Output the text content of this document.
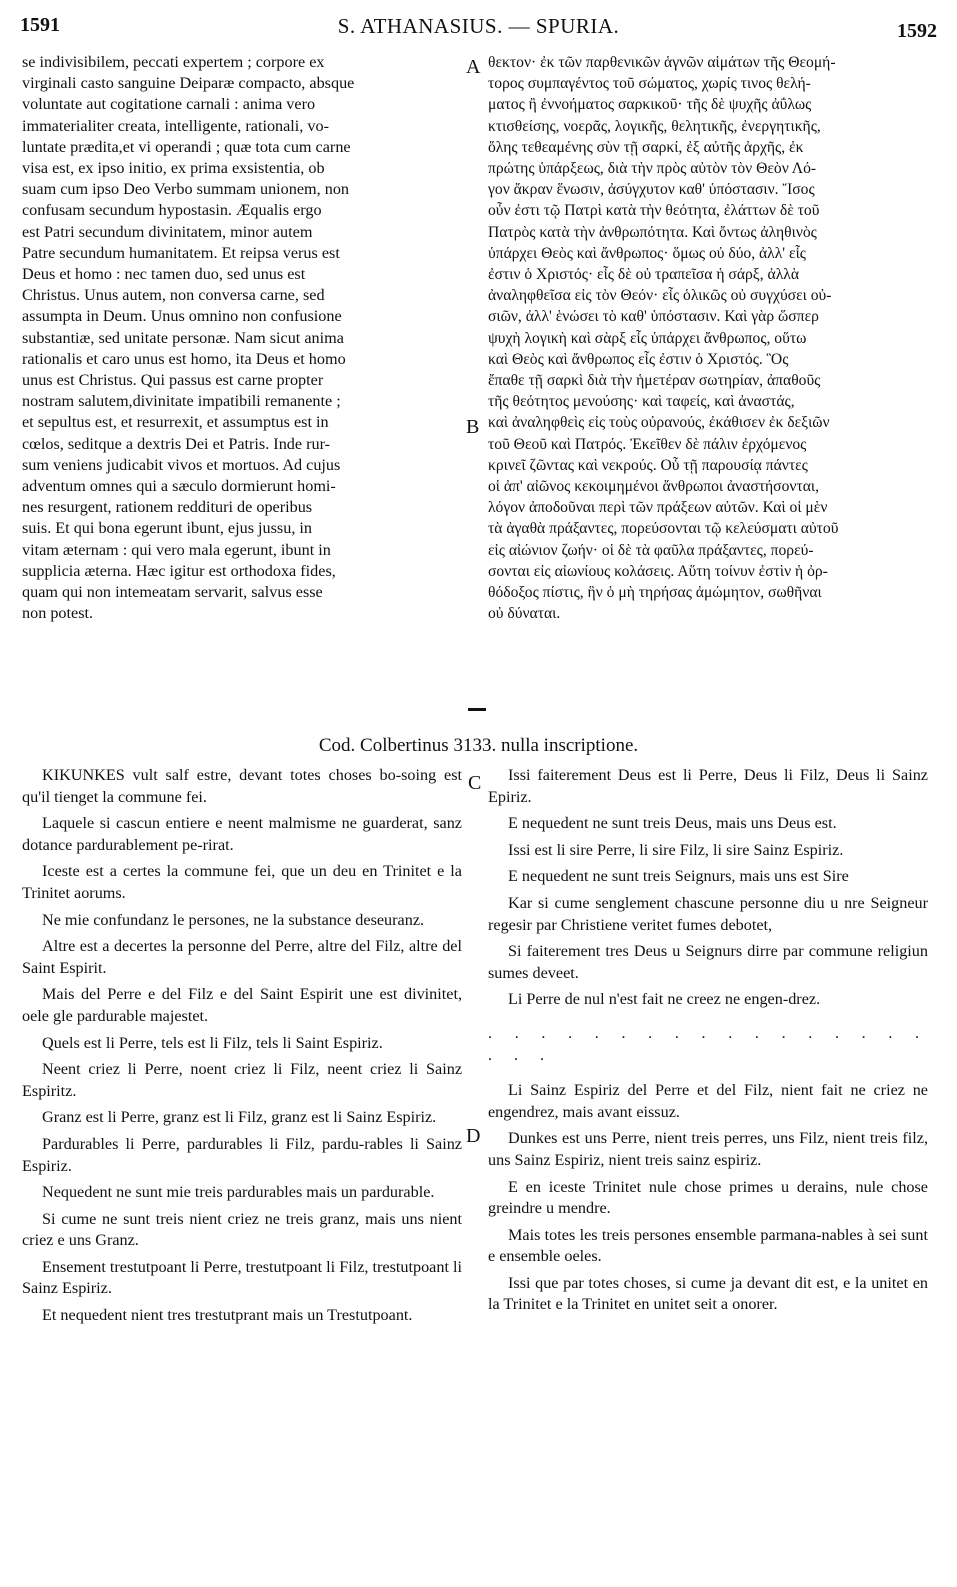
1591	S. ATHANASIUS. — SPURIA.	1592
A
B
C
D
se indivisibilem, peccati expertem ; corpore ex
virginali casto sanguine Deiparæ compacto, absque
voluntate aut cogitatione carnali : anima vero
immaterialiter creata, intelligente, rationali, vo-
luntate prædita,et vi operandi ; quæ tota cum carne
visa est, ex ipso initio, ex prima exsistentia, ob
suam cum ipso Deo Verbo summam unionem, non
confusam secundum hypostasin. Æqualis ergo
est Patri secundum divinitatem, minor autem
Patre secundum humanitatem. Et reipsa verus est
Deus et homo : nec tamen duo, sed unus est
Christus. Unus autem, non conversa carne, sed
assumpta in Deum. Unus omnino non confusione
substantiæ, sed unitate personæ. Nam sicut anima
rationalis et caro unus est homo, ita Deus et homo
unus est Christus. Qui passus est carne propter
nostram salutem,divinitate impatibili remanente ;
et sepultus est, et resurrexit, et assumptus est in
cœlos, seditque a dextris Dei et Patris. Inde rur-
sum veniens judicabit vivos et mortuos. Ad cujus
adventum omnes qui a sæculo dormierunt homi-
nes resurgent, rationem reddituri de operibus
suis. Et qui bona egerunt ibunt, ejus jussu, in
vitam æternam : qui vero mala egerunt, ibunt in
supplicia æterna. Hæc igitur est orthodoxa fides,
quam qui non intemeatam servarit, salvus esse
non potest.
θεκτον· ἐκ τῶν παρθενικῶν ἁγνῶν αἱμάτων τῆς Θεομή-
τορος συμπαγέντος τοῦ σώματος, χωρίς τινος θελή-
ματος ἢ ἐννοήματος σαρκικοῦ· τῆς δὲ ψυχῆς ἀΰλως
κτισθείσης, νοερᾶς, λογικῆς, θελητικῆς, ἐνεργητικῆς,
ὅλης τεθεαμένης σὺν τῇ σαρκί, ἐξ αὐτῆς ἀρχῆς, ἐκ
πρώτης ὑπάρξεως, διὰ τὴν πρὸς αὐτὸν τὸν Θεὸν Λό-
γον ἄκραν ἕνωσιν, ἀσύγχυτον καθ' ὑπόστασιν. Ἴσος
οὖν ἐστι τῷ Πατρὶ κατὰ τὴν θεότητα, ἐλάττων δὲ τοῦ
Πατρὸς κατὰ τὴν ἀνθρωπότητα. Καὶ ὄντως ἀληθινὸς
ὑπάρχει Θεὸς καὶ ἄνθρωπος· ὅμως οὐ δύο, ἀλλ' εἷς
ἐστιν ὁ Χριστός· εἷς δὲ οὐ τραπεῖσα ἡ σάρξ, ἀλλὰ
ἀναληφθεῖσα εἰς τὸν Θεόν· εἷς ὁλικῶς οὐ συγχύσει οὐ-
σιῶν, ἀλλ' ἑνώσει τὸ καθ' ὑπόστασιν. Καὶ γὰρ ὥσπερ
ψυχὴ λογικὴ καὶ σὰρξ εἷς ὑπάρχει ἄνθρωπος, οὕτω
καὶ Θεὸς καὶ ἄνθρωπος εἷς ἐστιν ὁ Χριστός. Ὃς
ἔπαθε τῇ σαρκὶ διὰ τὴν ἡμετέραν σωτηρίαν, ἀπαθοῦς
τῆς θεότητος μενούσης· καὶ ταφείς, καὶ ἀναστάς,
καὶ ἀναληφθεὶς εἰς τοὺς οὐρανούς, ἐκάθισεν ἐκ δεξιῶν
τοῦ Θεοῦ καὶ Πατρός. Ἐκεῖθεν δὲ πάλιν ἐρχόμενος
κρινεῖ ζῶντας καὶ νεκρούς. Οὗ τῇ παρουσίᾳ πάντες
οἱ ἀπ' αἰῶνος κεκοιμημένοι ἄνθρωποι ἀναστήσονται,
λόγον ἀποδοῦναι περὶ τῶν πράξεων αὐτῶν. Καὶ οἱ μὲν
τὰ ἀγαθὰ πράξαντες, πορεύσονται τῷ κελεύσματι αὐτοῦ
εἰς αἰώνιον ζωήν· οἱ δὲ τὰ φαῦλα πράξαντες, πορεύ-
σονται εἰς αἰωνίους κολάσεις. Αὕτη τοίνυν ἐστὶν ἡ ὀρ-
θόδοξος πίστις, ἣν ὁ μὴ τηρήσας ἀμώμητον, σωθῆναι
οὐ δύναται.
Cod. Colbertinus 3133. nulla inscriptione.

KIKUNKES vult salf estre, devant totes choses bo-soing est qu'il tienget la commune fei.

Laquele si cascun entiere e neent malmisme ne guarderat, sanz dotance pardurablement pe-rirat.

Iceste est a certes la commune fei, que un deu en Trinitet e la Trinitet aorums.

Ne mie confundanz le persones, ne la substance deseuranz.

Altre est a decertes la personne del Perre, altre del Filz, altre del Saint Espirit.

Mais del Perre e del Filz e del Saint Espirit une est divinitet, oele gle pardurable majestet.

Quels est li Perre, tels est li Filz, tels li Saint Espiriz.

Neent criez li Perre, noent criez li Filz, neent criez li Sainz Espiritz.

Granz est li Perre, granz est li Filz, granz est li Sainz Espiriz.

Pardurables li Perre, pardurables li Filz, pardu-rables li Sainz Espiriz.

Nequedent ne sunt mie treis pardurables mais un pardurable.

Si cume ne sunt treis nient criez ne treis granz, mais uns nient criez e uns Granz.

Ensement trestutpoant li Perre, trestutpoant li Filz, trestutpoant li Sainz Espiriz.

Et nequedent nient tres trestutprant mais un Trestutpoant.

Issi faiterement Deus est li Perre, Deus li Filz, Deus li Sainz Epiriz.

E nequedent ne sunt treis Deus, mais uns Deus est.

Issi est li sire Perre, li sire Filz, li sire Sainz Espiriz.

E nequedent ne sunt treis Seignurs, mais uns est Sire

Kar si cume senglement chascune personne diu u nre Seigneur regesir par Christiene veritet fumes debotet,

Si faiterement tres Deus u Seignurs dirre par commune religiun sumes deveet.

Li Perre de nul n'est fait ne creez ne engen-drez.

. . . . . . . . . . . . . . . . . . . .

Li Sainz Espiriz del Perre et del Filz, nient fait ne criez ne engendrez, mais avant eissuz.

Dunkes est uns Perre, nient treis perres, uns Filz, nient treis filz, uns Sainz Espiriz, nient treis sainz espiriz.

E en iceste Trinitet nule chose primes u derains, nule chose greindre u mendre.

Mais totes les treis persones ensemble parmana-nables à sei sunt e ensemble oeles.

Issi que par totes choses, si cume ja devant dit est, e la unitet en la Trinitet e la Trinitet en unitet seit a onorer.
